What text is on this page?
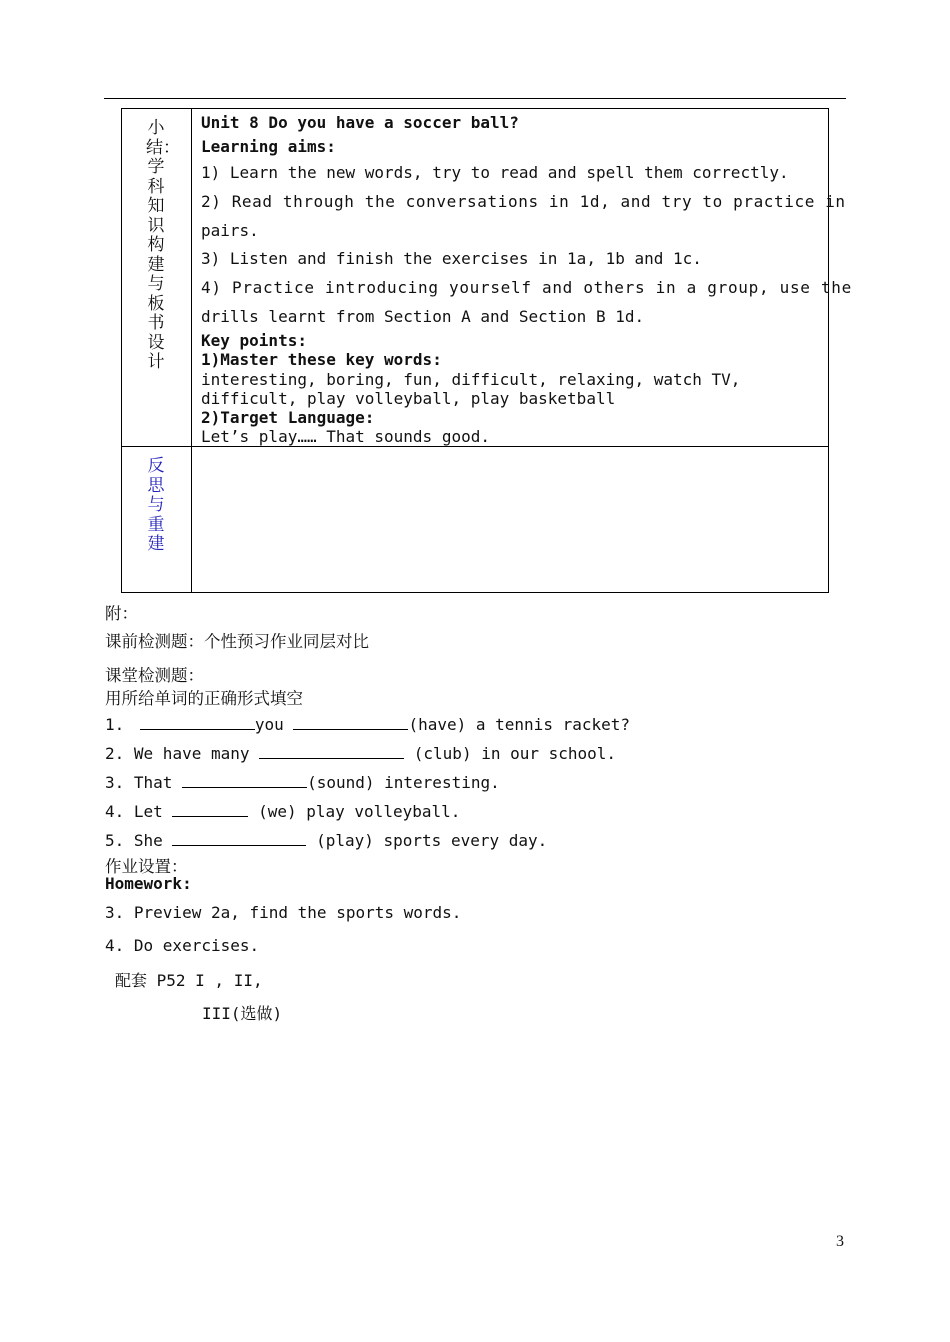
小结：学科知识构建与板书设计
Unit 8 Do you have a soccer ball?
Learning aims:
1) Learn the new words, try to read and spell them correctly.
2) Read through the conversations in 1d, and try to practice in
pairs.
3) Listen and finish the exercises in 1a, 1b and 1c.
4) Practice introducing yourself and others in a group, use the
drills learnt from Section A and Section B 1d.
Key points:
1)Master these key words:
interesting, boring, fun, difficult, relaxing, watch TV,
difficult, play volleyball, play basketball
2)Target Language:
Let’s play…… That sounds good.
反思与重建
附：
课前检测题：个性预习作业同层对比
课堂检测题：
用所给单词的正确形式填空
1.	you	(have) a tennis racket?
2. We have many	(club) in our school.
3. That	(sound) interesting.
4. Let	(we) play volleyball.
5. She	(play) sports every day.
作业设置：
Homework:
3. Preview 2a, find the sports words.
4. Do exercises.
配套 P52 I , II,
III(选做)
3
